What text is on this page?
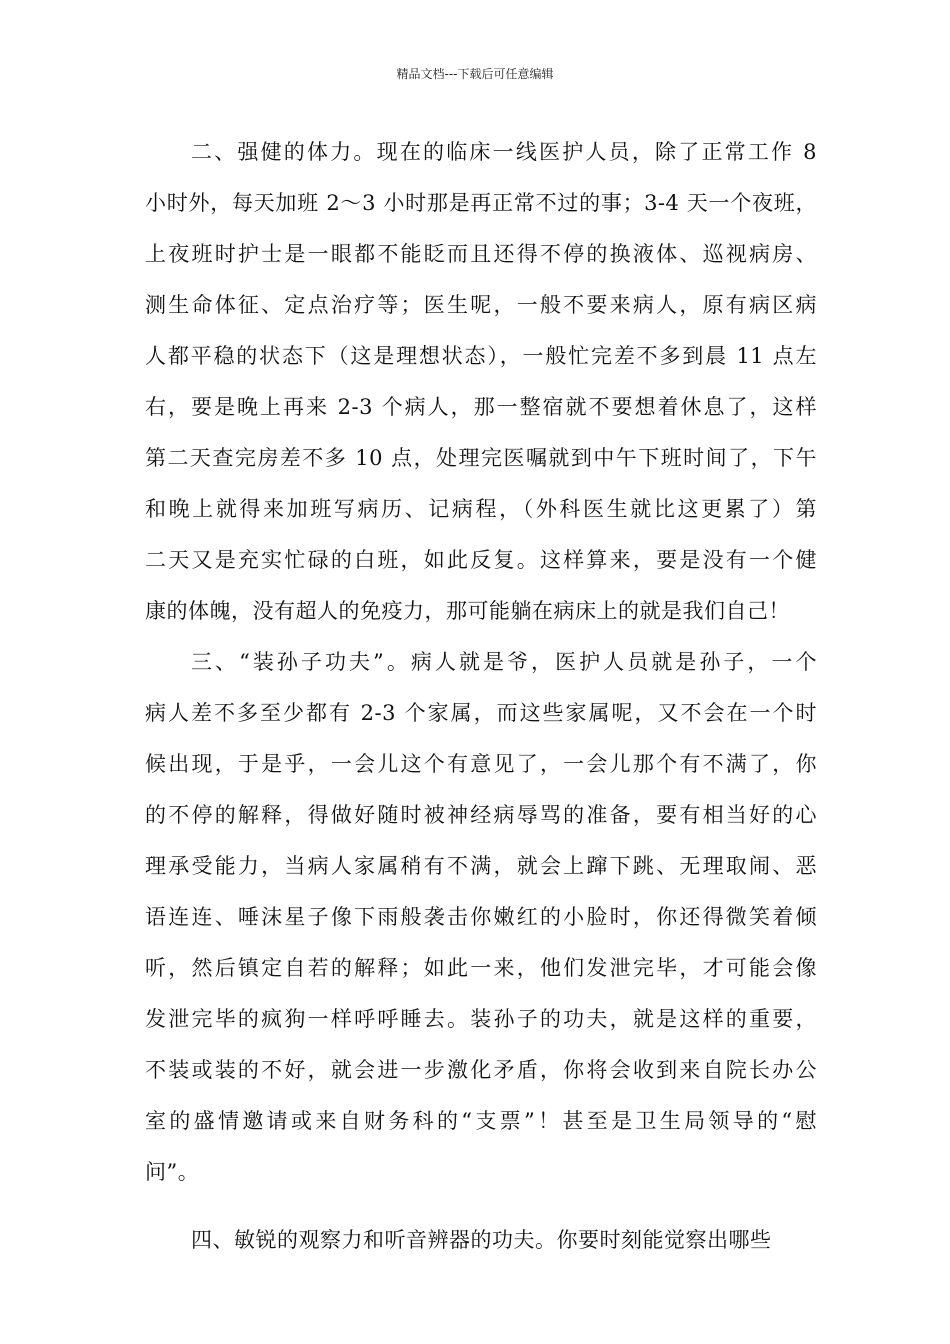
精品文档---下载后可任意编辑
二、强健的体力。现在的临床一线医护人员，除了正常工作 8
小时外，每天加班 2～3 小时那是再正常不过的事；3-4 天一个夜班，
上夜班时护士是一眼都不能眨而且还得不停的换液体、巡视病房、
测生命体征、定点治疗等；医生呢，一般不要来病人，原有病区病
人都平稳的状态下（这是理想状态），一般忙完差不多到晨 11 点左
右，要是晚上再来 2-3 个病人，那一整宿就不要想着休息了，这样
第二天查完房差不多 10 点，处理完医嘱就到中午下班时间了，下午
和晚上就得来加班写病历、记病程，（外科医生就比这更累了）第
二天又是充实忙碌的白班，如此反复。这样算来，要是没有一个健
康的体魄，没有超人的免疫力，那可能躺在病床上的就是我们自己！
三、“装孙子功夫”。病人就是爷，医护人员就是孙子，一个
病人差不多至少都有 2-3 个家属，而这些家属呢，又不会在一个时
候出现，于是乎，一会儿这个有意见了，一会儿那个有不满了，你
的不停的解释，得做好随时被神经病辱骂的准备，要有相当好的心
理承受能力，当病人家属稍有不满，就会上蹿下跳、无理取闹、恶
语连连、唾沫星子像下雨般袭击你嫩红的小脸时，你还得微笑着倾
听，然后镇定自若的解释；如此一来，他们发泄完毕，才可能会像
发泄完毕的疯狗一样呼呼睡去。装孙子的功夫，就是这样的重要，
不装或装的不好，就会进一步激化矛盾，你将会收到来自院长办公
室的盛情邀请或来自财务科的“支票”！甚至是卫生局领导的“慰
问”。
四、敏锐的观察力和听音辨器的功夫。你要时刻能觉察出哪些
